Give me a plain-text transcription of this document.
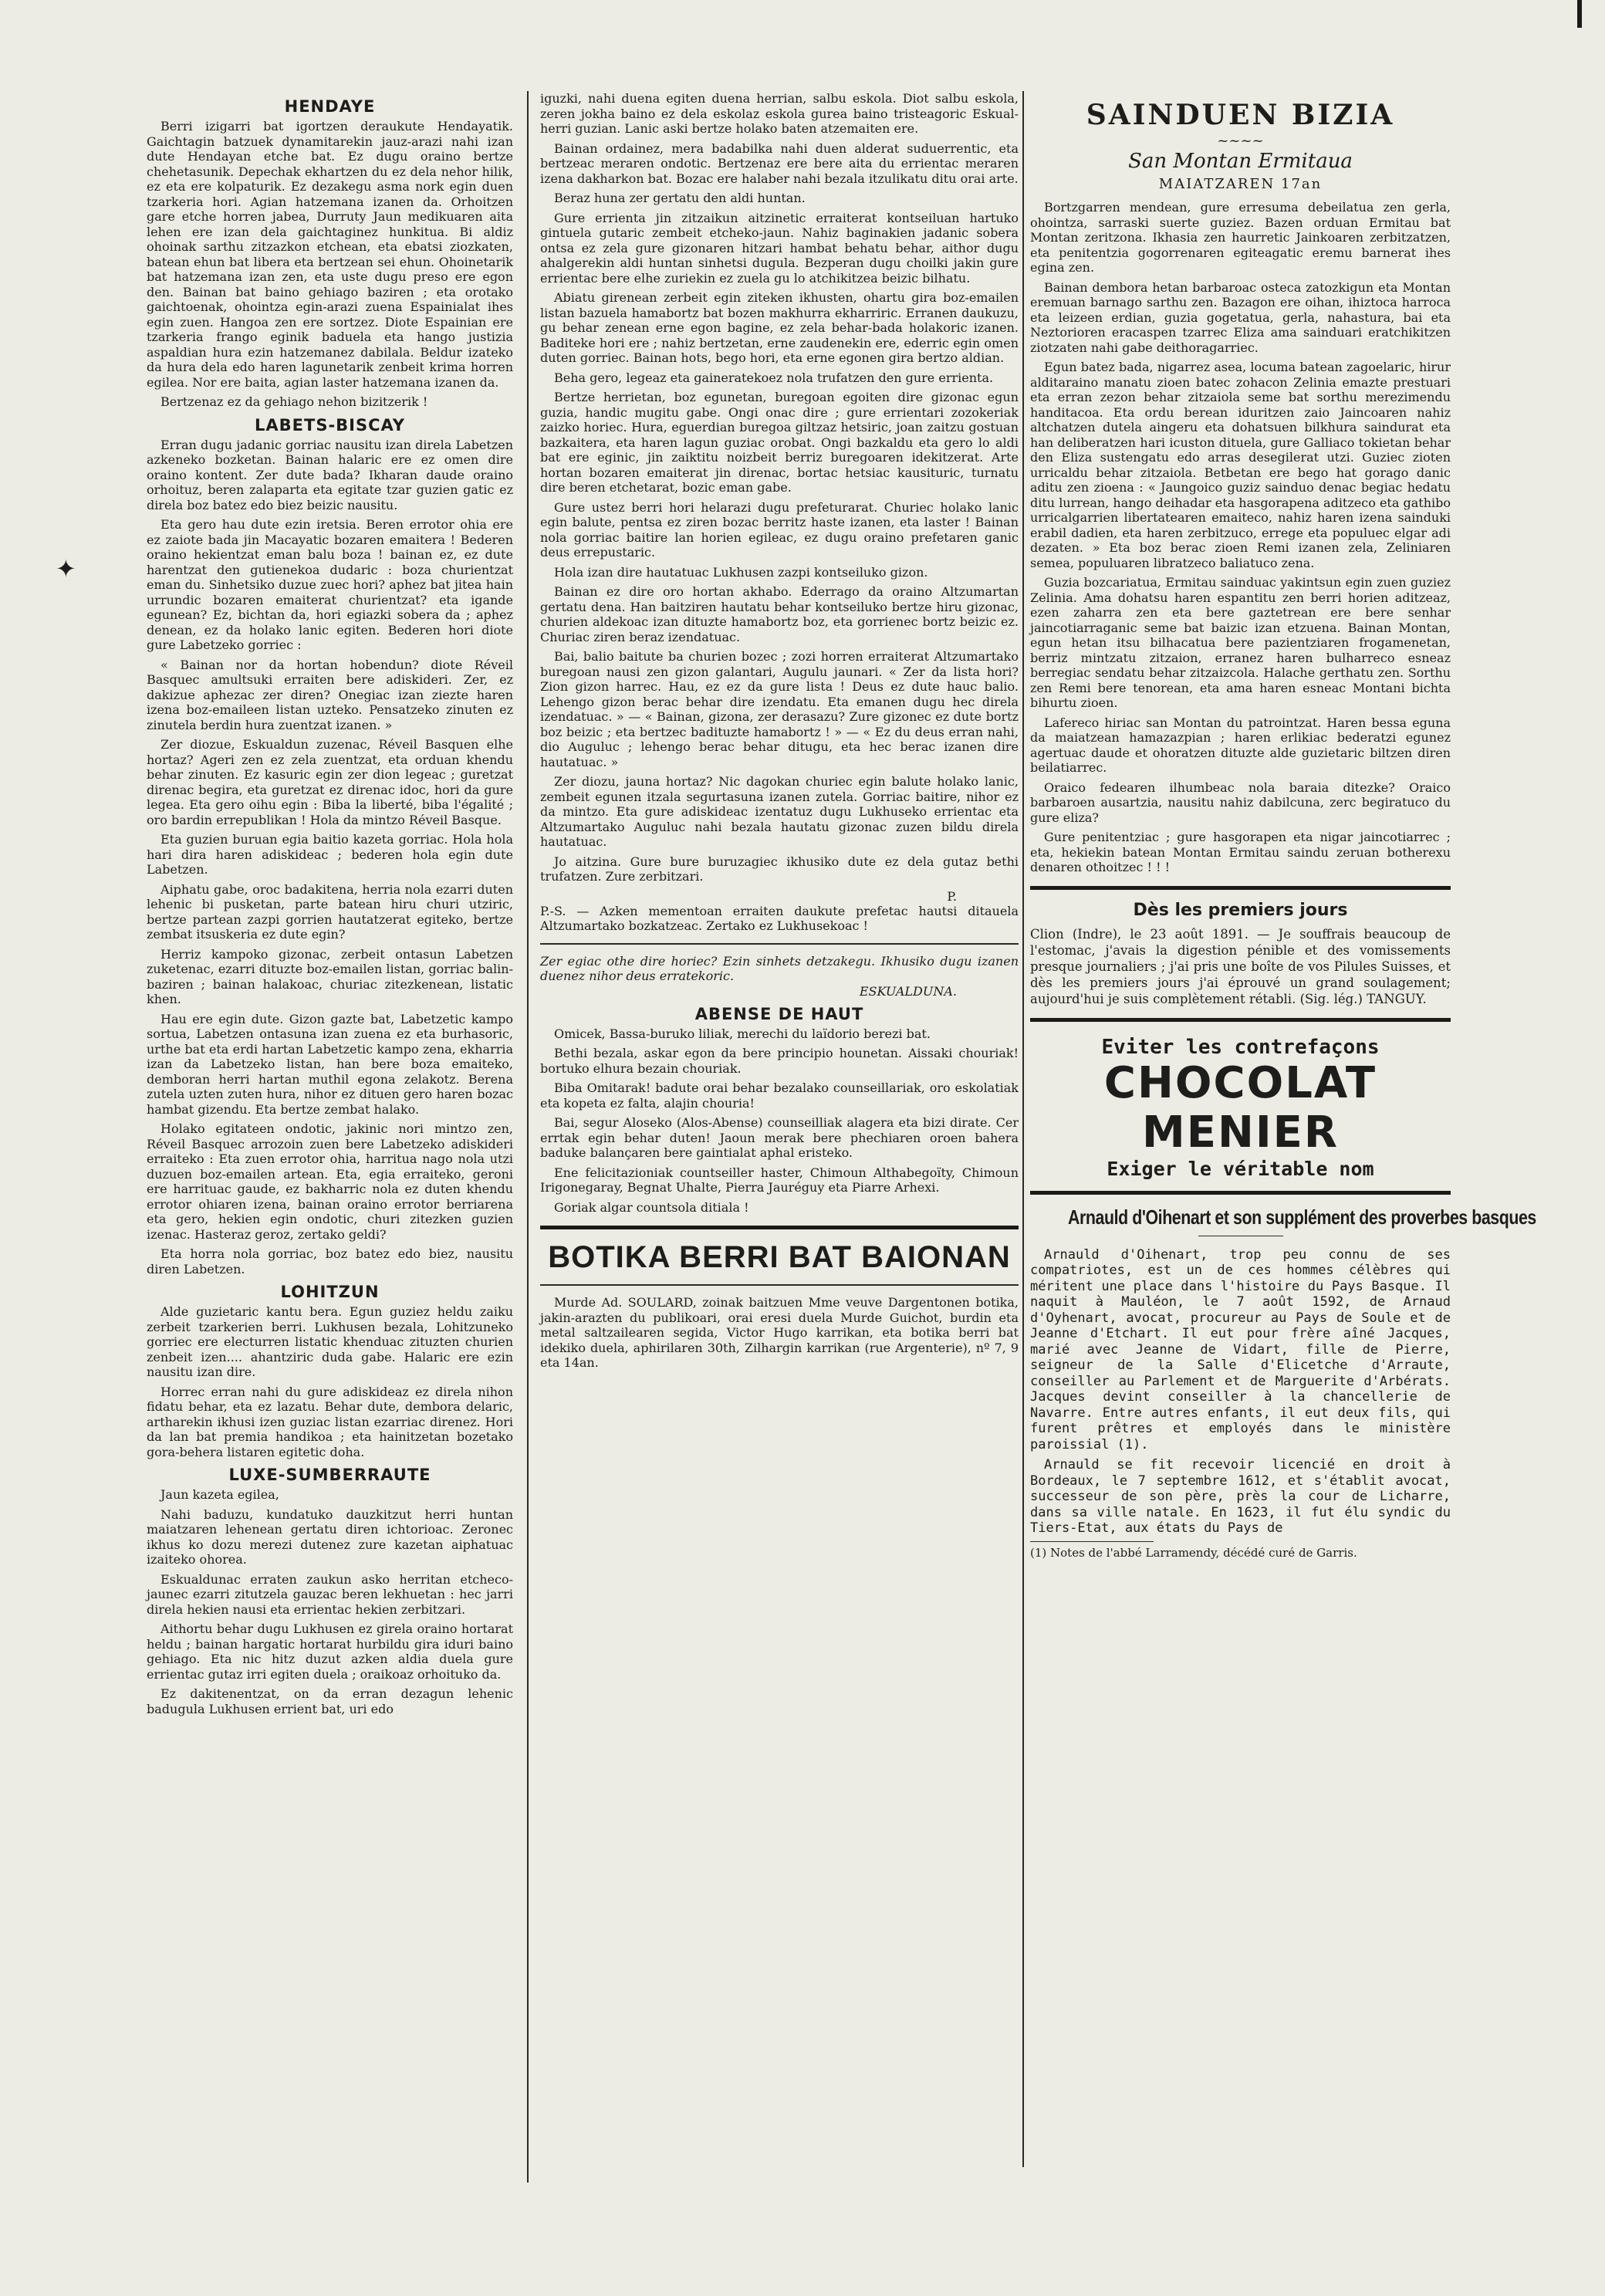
✦
HENDAYE

Berri izigarri bat igortzen deraukute Hendayatik. Gaichtagin batzuek dynamitarekin jauz-arazi nahi izan dute Hendayan etche bat. Ez dugu oraino bertze chehetasunik. Depechak ekhartzen du ez dela nehor hilik, ez eta ere kolpaturik. Ez dezakegu asma nork egin duen tzarkeria hori. Agian hatzemana izanen da. Orhoitzen gare etche horren jabea, Durruty Jaun medikuaren aita lehen ere izan dela gaichtaginez hunkitua. Bi aldiz ohoinak sarthu zitzazkon etchean, eta ebatsi ziozkaten, batean ehun bat libera eta bertzean sei ehun. Ohoinetarik bat hatzemana izan zen, eta uste dugu preso ere egon den. Bainan bat baino gehiago baziren ; eta orotako gaichtoenak, ohointza egin-arazi zuena Espainialat ihes egin zuen. Hangoa zen ere sortzez. Diote Espainian ere tzarkeria frango eginik baduela eta hango justizia aspaldian hura ezin hatzemanez dabilala. Beldur izateko da hura dela edo haren lagunetarik zenbeit krima horren egilea. Nor ere baita, agian laster hatzemana izanen da.

Bertzenaz ez da gehiago nehon bizitzerik !

LABETS-BISCAY

Erran dugu jadanic gorriac nausitu izan direla Labetzen azkeneko bozketan. Bainan halaric ere ez omen dire oraino kontent. Zer dute bada? Ikharan daude oraino orhoituz, beren zalaparta eta egitate tzar guzien gatic ez direla boz batez edo biez beizic nausitu.

Eta gero hau dute ezin iretsia. Beren errotor ohia ere ez zaiote bada jin Macayatic bozaren emaitera ! Bederen oraino hekientzat eman balu boza ! bainan ez, ez dute harentzat den gutienekoa dudaric : boza churientzat eman du. Sinhetsiko duzue zuec hori? aphez bat jitea hain urrundic bozaren emaiterat churientzat? eta igande egunean? Ez, bichtan da, hori egiazki sobera da ; aphez denean, ez da holako lanic egiten. Bederen hori diote gure Labetzeko gorriec :

« Bainan nor da hortan hobendun? diote Réveil Basquec amultsuki erraiten bere adiskideri. Zer, ez dakizue aphezac zer diren? Onegiac izan ziezte haren izena boz-emaileen listan uzteko. Pensatzeko zinuten ez zinutela berdin hura zuentzat izanen. »

Zer diozue, Eskualdun zuzenac, Réveil Basquen elhe hortaz? Ageri zen ez zela zuentzat, eta orduan khendu behar zinuten. Ez kasuric egin zer dion legeac ; guretzat direnac begira, eta guretzat ez direnac idoc, hori da gure legea. Eta gero oihu egin : Biba la liberté, biba l'égalité ; oro bardin errepublikan ! Hola da mintzo Réveil Basque.

Eta guzien buruan egia baitio kazeta gorriac. Hola hola hari dira haren adiskideac ; bederen hola egin dute Labetzen.

Aiphatu gabe, oroc badakitena, herria nola ezarri duten lehenic bi pusketan, parte batean hiru churi utziric, bertze partean zazpi gorrien hautatzerat egiteko, bertze zembat itsuskeria ez dute egin?

Herriz kampoko gizonac, zerbeit ontasun Labetzen zuketenac, ezarri dituzte boz-emailen listan, gorriac balin-baziren ; bainan halakoac, churiac zitezkenean, listatic khen.

Hau ere egin dute. Gizon gazte bat, Labetzetic kampo sortua, Labetzen ontasuna izan zuena ez eta burhasoric, urthe bat eta erdi hartan Labetzetic kampo zena, ekharria izan da Labetzeko listan, han bere boza emaiteko, demboran herri hartan muthil egona zelakotz. Berena zutela uzten zuten hura, nihor ez dituen gero haren bozac hambat gizendu. Eta bertze zembat halako.

Holako egitateen ondotic, jakinic nori mintzo zen, Réveil Basquec arrozoin zuen bere Labetzeko adiskideri erraiteko : Eta zuen errotor ohia, harritua nago nola utzi duzuen boz-emailen artean. Eta, egia erraiteko, geroni ere harrituac gaude, ez bakharric nola ez duten khendu errotor ohiaren izena, bainan oraino errotor berriarena eta gero, hekien egin ondotic, churi zitezken guzien izenac. Hasteraz geroz, zertako geldi?

Eta horra nola gorriac, boz batez edo biez, nausitu diren Labetzen.

LOHITZUN

Alde guzietaric kantu bera. Egun guziez heldu zaiku zerbeit tzarkerien berri. Lukhusen bezala, Lohitzuneko gorriec ere electurren listatic khenduac zituzten churien zenbeit izen.... ahantziric duda gabe. Halaric ere ezin nausitu izan dire.

Horrec erran nahi du gure adiskideaz ez direla nihon fidatu behar, eta ez lazatu. Behar dute, dembora delaric, artharekin ikhusi izen guziac listan ezarriac direnez. Hori da lan bat premia handikoa ; eta hainitzetan bozetako gora-behera listaren egitetic doha.

LUXE-SUMBERRAUTE

Jaun kazeta egilea,

Nahi baduzu, kundatuko dauzkitzut herri huntan maiatzaren lehenean gertatu diren ichtorioac. Zeronec ikhus ko dozu merezi dutenez zure kazetan aiphatuac izaiteko ohorea.

Eskualdunac erraten zaukun asko herritan etcheco-jaunec ezarri zitutzela gauzac beren lekhuetan : hec jarri direla hekien nausi eta errientac hekien zerbitzari.

Aithortu behar dugu Lukhusen ez girela oraino hortarat heldu ; bainan hargatic hortarat hurbildu gira iduri baino gehiago. Eta nic hitz duzut azken aldia duela gure errientac gutaz irri egiten duela ; oraikoaz orhoituko da.

Ez dakitenentzat, on da erran dezagun lehenic badugula Lukhusen errient bat, uri edo

iguzki, nahi duena egiten duena herrian, salbu eskola. Diot salbu eskola, zeren jokha baino ez dela eskolaz eskola gurea baino tristeagoric Eskual-herri guzian. Lanic aski bertze holako baten atzemaiten ere.

Bainan ordainez, mera badabilka nahi duen alderat suduerrentic, eta bertzeac meraren ondotic. Bertzenaz ere bere aita du errientac meraren izena dakharkon bat. Bozac ere halaber nahi bezala itzulikatu ditu orai arte.

Beraz huna zer gertatu den aldi huntan.

Gure errienta jin zitzaikun aitzinetic erraiterat kontseiluan hartuko gintuela gutaric zembeit etcheko-jaun. Nahiz baginakien jadanic sobera ontsa ez zela gure gizonaren hitzari hambat behatu behar, aithor dugu ahalgerekin aldi huntan sinhetsi dugula. Bezperan dugu choilki jakin gure errientac bere elhe zuriekin ez zuela gu lo atchikitzea beizic bilhatu.

Abiatu girenean zerbeit egin ziteken ikhusten, ohartu gira boz-emailen listan bazuela hamabortz bat bozen makhurra ekharriric. Erranen daukuzu, gu behar zenean erne egon bagine, ez zela behar-bada holakoric izanen. Baditeke hori ere ; nahiz bertzetan, erne zaudenekin ere, ederric egin omen duten gorriec. Bainan hots, bego hori, eta erne egonen gira bertzo aldian.

Beha gero, legeaz eta gaineratekoez nola trufatzen den gure errienta.

Bertze herrietan, boz egunetan, buregoan egoiten dire gizonac egun guzia, handic mugitu gabe. Ongi onac dire ; gure errientari zozokeriak zaizko horiec. Hura, eguerdian buregoa giltzaz hetsiric, joan zaitzu gostuan bazkaitera, eta haren lagun guziac orobat. Ongi bazkaldu eta gero lo aldi bat ere eginic, jin zaiktitu noizbeit berriz buregoaren idekitzerat. Arte hortan bozaren emaiterat jin direnac, bortac hetsiac kausituric, turnatu dire beren etchetarat, bozic eman gabe.

Gure ustez berri hori helarazi dugu prefeturarat. Churiec holako lanic egin balute, pentsa ez ziren bozac berritz haste izanen, eta laster ! Bainan nola gorriac baitire lan horien egileac, ez dugu oraino prefetaren ganic deus errepustaric.

Hola izan dire hautatuac Lukhusen zazpi kontseiluko gizon.

Bainan ez dire oro hortan akhabo. Ederrago da oraino Altzumartan gertatu dena. Han baitziren hautatu behar kontseiluko bertze hiru gizonac, churien aldekoac izan dituzte hamabortz boz, eta gorrienec bortz beizic ez. Churiac ziren beraz izendatuac.

Bai, balio baitute ba churien bozec ; zozi horren erraiterat Altzumartako buregoan nausi zen gizon galantari, Augulu jaunari. « Zer da lista hori? Zion gizon harrec. Hau, ez ez da gure lista ! Deus ez dute hauc balio. Lehengo gizon berac behar dire izendatu. Eta emanen dugu hec direla izendatuac. » — « Bainan, gizona, zer derasazu? Zure gizonec ez dute bortz boz beizic ; eta bertzec badituzte hamabortz ! » — « Ez du deus erran nahi, dio Auguluc ; lehengo berac behar ditugu, eta hec berac izanen dire hautatuac. »

Zer diozu, jauna hortaz? Nic dagokan churiec egin balute holako lanic, zembeit egunen itzala segurtasuna izanen zutela. Gorriac baitire, nihor ez da mintzo. Eta gure adiskideac izentatuz dugu Lukhuseko errientac eta Altzumartako Auguluc nahi bezala hautatu gizonac zuzen bildu direla hautatuac.

Jo aitzina. Gure bure buruzagiec ikhusiko dute ez dela gutaz bethi trufatzen. Zure zerbitzari.

P.
P.-S. — Azken mementoan erraiten daukute prefetac hautsi ditauela Altzumartako bozkatzeac. Zertako ez Lukhusekoac !
Zer egiac othe dire horiec? Ezin sinhets detzakegu. Ikhusiko dugu izanen duenez nihor deus erratekoric.
ESKUALDUNA.
ABENSE DE HAUT

Omicek, Bassa-buruko liliak, merechi du laïdorio berezi bat.

Bethi bezala, askar egon da bere principio hounetan. Aissaki chouriak! bortuko elhura bezain chouriak.

Biba Omitarak! badute orai behar bezalako counseillariak, oro eskolatiak eta kopeta ez falta, alajin chouria!

Bai, segur Aloseko (Alos-Abense) counseilliak alagera eta bizi dirate. Cer errtak egin behar duten! Jaoun merak bere phechiaren oroen bahera baduke balançaren bere gaintialat aphal eristeko.

Ene felicitazioniak countseiller haster, Chimoun Althabegoïty, Chimoun Irigonegaray, Begnat Uhalte, Pierra Jauréguy eta Piarre Arhexi.

Goriak algar countsola ditiala !

BOTIKA BERRI BAT BAIONAN

Murde Ad. SOULARD, zoinak baitzuen Mme veuve Dargentonen botika, jakin-arazten du publikoari, orai eresi duela Murde Guichot, burdin eta metal saltzailearen segida, Victor Hugo karrikan, eta botika berri bat idekiko duela, aphirilaren 30th, Zilhargin karrikan (rue Argenterie), nº 7, 9 eta 14an.

SAINDUEN BIZIA
~~~~
San Montan Ermitaua
MAIATZAREN 17an

Bortzgarren mendean, gure erresuma debeilatua zen gerla, ohointza, sarraski suerte guziez. Bazen orduan Ermitau bat Montan zeritzona. Ikhasia zen haurretic Jainkoaren zerbitzatzen, eta penitentzia gogorrenaren egiteagatic eremu barnerat ihes egina zen.

Bainan dembora hetan barbaroac osteca zatozkigun eta Montan eremuan barnago sarthu zen. Bazagon ere oihan, ihiztoca harroca eta leizeen erdian, guzia gogetatua, gerla, nahastura, bai eta Neztorioren eracaspen tzarrec Eliza ama sainduari eratchikitzen ziotzaten nahi gabe deithoragarriec.

Egun batez bada, nigarrez asea, locuma batean zagoelaric, hirur alditaraino manatu zioen batec zohacon Zelinia emazte prestuari eta erran zezon behar zitzaiola seme bat sorthu merezimendu handitacoa. Eta ordu berean iduritzen zaio Jaincoaren nahiz altchatzen dutela aingeru eta dohatsuen bilkhura saindurat eta han deliberatzen hari icuston dituela, gure Galliaco tokietan behar den Eliza sustengatu edo arras desegilerat utzi. Guziec zioten urricaldu behar zitzaiola. Betbetan ere bego hat gorago danic aditu zen zioena : « Jaungoico guziz sainduo denac begiac hedatu ditu lurrean, hango deihadar eta hasgorapena aditzeco eta gathibo urricalgarrien libertatearen emaiteco, nahiz haren izena sainduki erabil dadien, eta haren zerbitzuco, errege eta populuec elgar adi dezaten. » Eta boz berac zioen Remi izanen zela, Zeliniaren semea, populuaren libratzeco baliatuco zena.

Guzia bozcariatua, Ermitau sainduac yakintsun egin zuen guziez Zelinia. Ama dohatsu haren espantitu zen berri horien aditzeaz, ezen zaharra zen eta bere gaztetrean ere bere senhar jaincotiarraganic seme bat baizic izan etzuena. Bainan Montan, egun hetan itsu bilhacatua bere pazientziaren frogamenetan, berriz mintzatu zitzaion, erranez haren bulharreco esneaz berregiac sendatu behar zitzaizcola. Halache gerthatu zen. Sorthu zen Remi bere tenorean, eta ama haren esneac Montani bichta bihurtu zioen.

Lafereco hiriac san Montan du patrointzat. Haren bessa eguna da maiatzean hamazazpian ; haren erlikiac bederatzi egunez agertuac daude et ohoratzen dituzte alde guzietaric biltzen diren beilatiarrec.

Oraico fedearen ilhumbeac nola baraia ditezke? Oraico barbaroen ausartzia, nausitu nahiz dabilcuna, zerc begiratuco du gure eliza?

Gure penitentziac ; gure hasgorapen eta nigar jaincotiarrec ; eta, hekiekin batean Montan Ermitau saindu zeruan botherexu denaren othoitzec ! ! !

Dès les premiers jours
Clion (Indre), le 23 août 1891. — Je souffrais beaucoup de l'estomac, j'avais la digestion pénible et des vomissements presque journaliers ; j'ai pris une boîte de vos Pilules Suisses, et dès les premiers jours j'ai éprouvé un grand soulagement; aujourd'hui je suis complètement rétabli. (Sig. lég.) TANGUY.
Eviter les contrefaçons
CHOCOLAT
MENIER
Exiger le véritable nom
Arnauld d'Oihenart et son supplément des proverbes basques

Arnauld d'Oihenart, trop peu connu de ses compatriotes, est un de ces hommes célèbres qui méritent une place dans l'histoire du Pays Basque. Il naquit à Mauléon, le 7 août 1592, de Arnaud d'Oyhenart, avocat, procureur au Pays de Soule et de Jeanne d'Etchart. Il eut pour frère aîné Jacques, marié avec Jeanne de Vidart, fille de Pierre, seigneur de la Salle d'Elicetche d'Arraute, conseiller au Parlement et de Marguerite d'Arbérats. Jacques devint conseiller à la chancellerie de Navarre. Entre autres enfants, il eut deux fils, qui furent prêtres et employés dans le ministère paroissial (1).

Arnauld se fit recevoir licencié en droit à Bordeaux, le 7 septembre 1612, et s'établit avocat, successeur de son père, près la cour de Licharre, dans sa ville natale. En 1623, il fut élu syndic du Tiers-Etat, aux états du Pays de

(1) Notes de l'abbé Larramendy, décédé curé de Garris.
